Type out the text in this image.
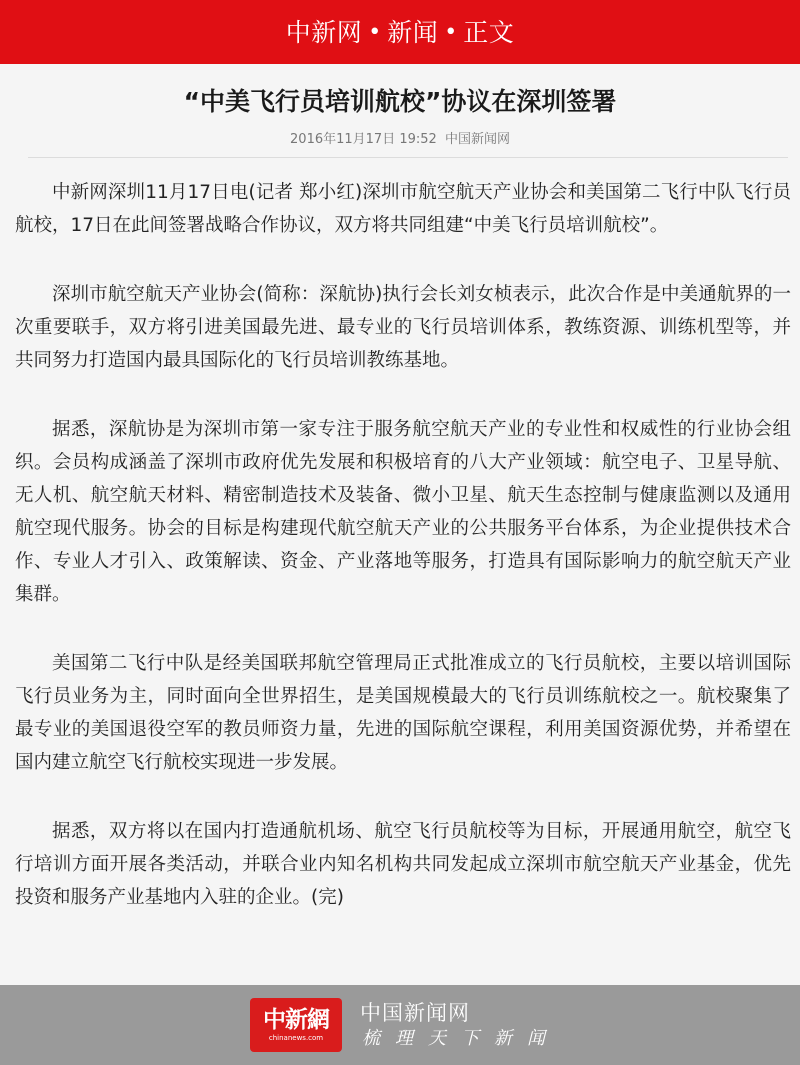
中新网 • 新闻 • 正文
“中美飞行员培训航校”协议在深圳签署
2016年11月17日 19:52 中国新闻网

中新网深圳11月17日电(记者 郑小红)深圳市航空航天产业协会和美国第二飞行中队飞行员航校，17日在此间签署战略合作协议，双方将共同组建“中美飞行员培训航校”。

深圳市航空航天产业协会(简称：深航协)执行会长刘女桢表示，此次合作是中美通航界的一次重要联手，双方将引进美国最先进、最专业的飞行员培训体系，教练资源、训练机型等，并共同努力打造国内最具国际化的飞行员培训教练基地。

据悉，深航协是为深圳市第一家专注于服务航空航天产业的专业性和权威性的行业协会组织。会员构成涵盖了深圳市政府优先发展和积极培育的八大产业领域：航空电子、卫星导航、无人机、航空航天材料、精密制造技术及装备、微小卫星、航天生态控制与健康监测以及通用航空现代服务。协会的目标是构建现代航空航天产业的公共服务平台体系，为企业提供技术合作、专业人才引入、政策解读、资金、产业落地等服务，打造具有国际影响力的航空航天产业集群。

美国第二飞行中队是经美国联邦航空管理局正式批准成立的飞行员航校，主要以培训国际飞行员业务为主，同时面向全世界招生，是美国规模最大的飞行员训练航校之一。航校聚集了最专业的美国退役空军的教员师资力量，先进的国际航空课程，利用美国资源优势，并希望在国内建立航空飞行航校实现进一步发展。

据悉，双方将以在国内打造通航机场、航空飞行员航校等为目标，开展通用航空，航空飞行培训方面开展各类活动，并联合业内知名机构共同发起成立深圳市航空航天产业基金，优先投资和服务产业基地内入驻的企业。(完)

中新網
chinanews.com
中国新闻网
梳理天下新闻
